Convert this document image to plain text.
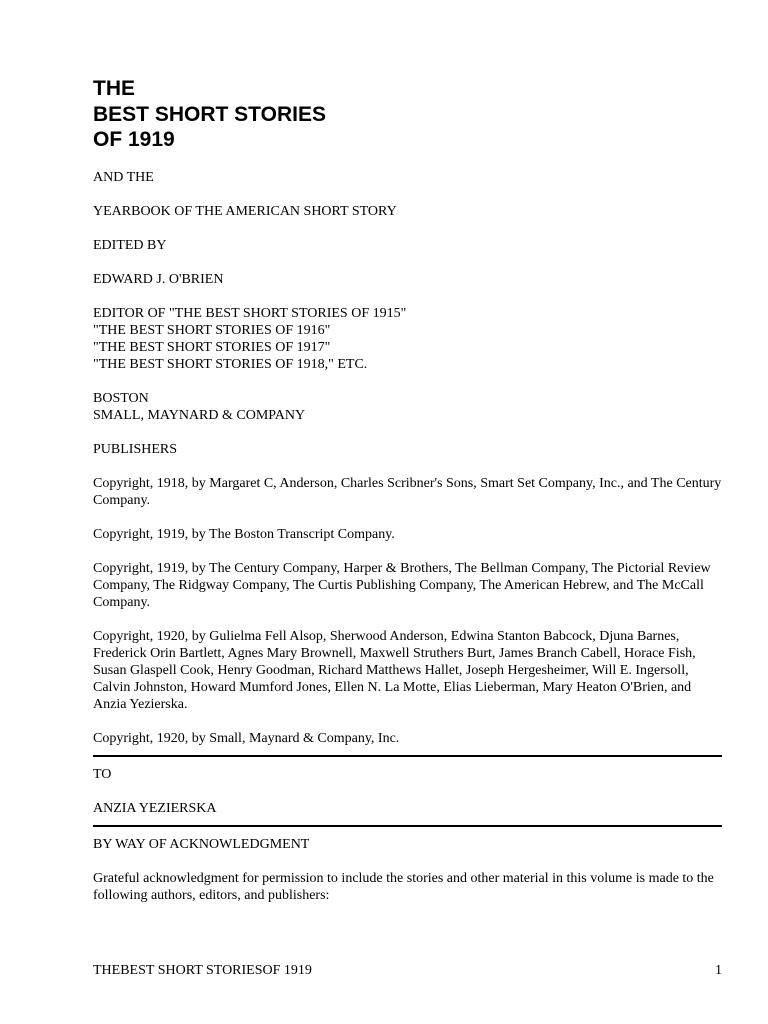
THE
BEST SHORT STORIES
OF 1919

AND THE

YEARBOOK OF THE AMERICAN SHORT STORY

EDITED BY

EDWARD J. O'BRIEN

EDITOR OF "THE BEST SHORT STORIES OF 1915"
"THE BEST SHORT STORIES OF 1916"
"THE BEST SHORT STORIES OF 1917"
"THE BEST SHORT STORIES OF 1918," ETC.

BOSTON
SMALL, MAYNARD & COMPANY

PUBLISHERS

Copyright, 1918, by Margaret C, Anderson, Charles Scribner's Sons, Smart Set Company, Inc., and The Century Company.

Copyright, 1919, by The Boston Transcript Company.

Copyright, 1919, by The Century Company, Harper & Brothers, The Bellman Company, The Pictorial Review Company, The Ridgway Company, The Curtis Publishing Company, The American Hebrew, and The McCall Company.

Copyright, 1920, by Gulielma Fell Alsop, Sherwood Anderson, Edwina Stanton Babcock, Djuna Barnes, Frederick Orin Bartlett, Agnes Mary Brownell, Maxwell Struthers Burt, James Branch Cabell, Horace Fish, Susan Glaspell Cook, Henry Goodman, Richard Matthews Hallet, Joseph Hergesheimer, Will E. Ingersoll, Calvin Johnston, Howard Mumford Jones, Ellen N. La Motte, Elias Lieberman, Mary Heaton O'Brien, and Anzia Yezierska.

Copyright, 1920, by Small, Maynard & Company, Inc.

TO

ANZIA YEZIERSKA

BY WAY OF ACKNOWLEDGMENT

Grateful acknowledgment for permission to include the stories and other material in this volume is made to the following authors, editors, and publishers:

THEBEST SHORT STORIESOF 1919	1
